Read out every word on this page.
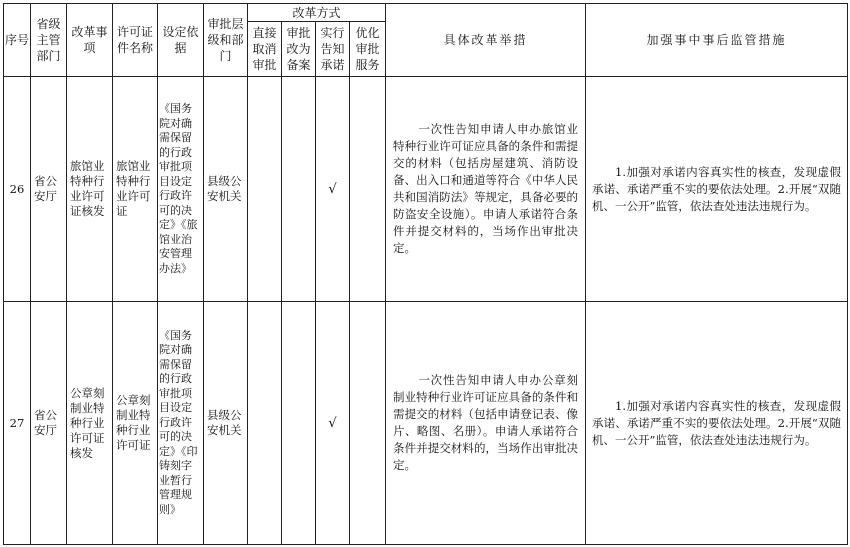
序号	省级主管部门	改革事项	许可证件名称	设定依据	审批层级和部门	改革方式				具体改革举措	加强事中事后监管措施
						直接取消审批	审批改为备案	实行告知承诺	优化审批服务		
26	省公安厅	旅馆业特种行业许可证核发	旅馆业特种行业许可证	《国务院对确需保留的行政审批项目设定行政许可的决定》《旅馆业治安管理办法》	县级公安机关			√		一次性告知申请人申办旅馆业特种行业许可证应具备的条件和需提交的材料（包括房屋建筑、消防设备、出入口和通道等符合《中华人民共和国消防法》等规定，具备必要的防盗安全设施）。申请人承诺符合条件并提交材料的，当场作出审批决定。	1.加强对承诺内容真实性的核查，发现虚假承诺、承诺严重不实的要依法处理。2.开展“双随机、一公开”监管，依法查处违法违规行为。
27	省公安厅	公章刻制业特种行业许可证核发	公章刻制业特种行业许可证	《国务院对确需保留的行政审批项目设定行政许可的决定》《印铸刻字业暂行管理规则》	县级公安机关			√		一次性告知申请人申办公章刻制业特种行业许可证应具备的条件和需提交的材料（包括申请登记表、像片、略图、名册）。申请人承诺符合条件并提交材料的，当场作出审批决定。	1.加强对承诺内容真实性的核查，发现虚假承诺、承诺严重不实的要依法处理。2.开展“双随机、一公开”监管，依法查处违法违规行为。
